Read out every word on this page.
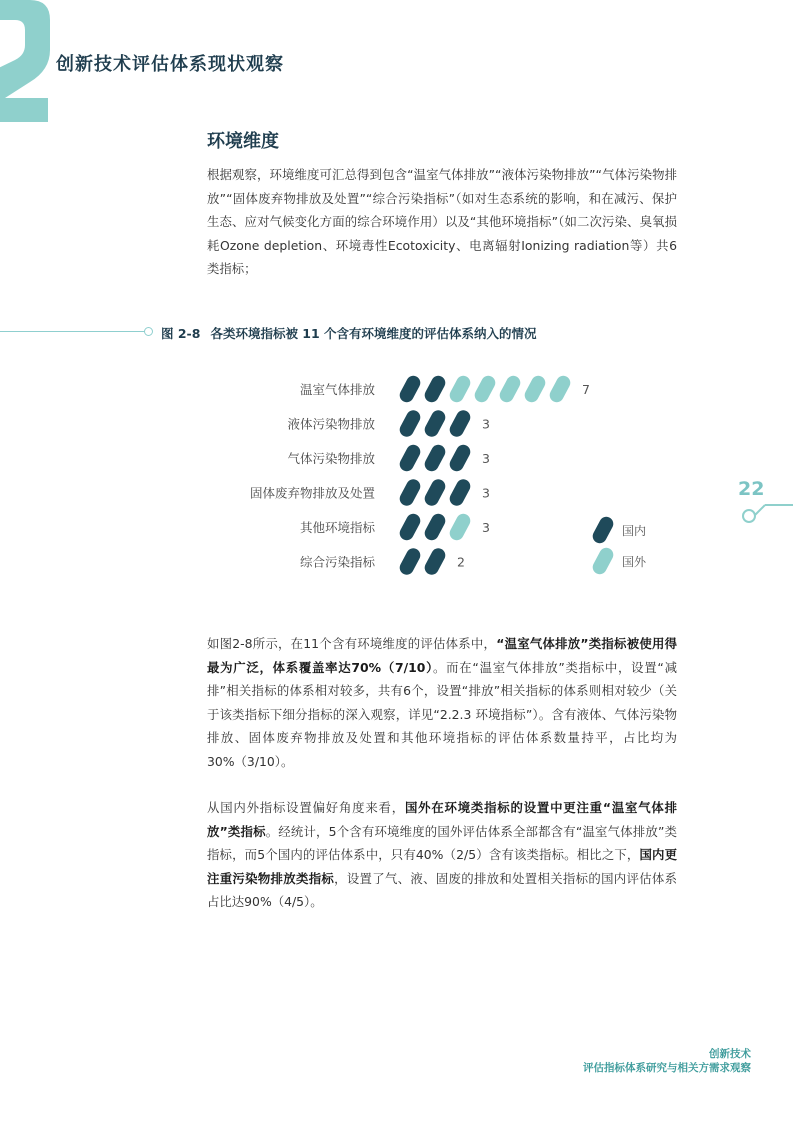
创新技术评估体系现状观察
环境维度

根据观察，环境维度可汇总得到包含“温室气体排放”“液体污染物排放”“气体污染物排放”“固体废弃物排放及处置”“综合污染指标”（如对生态系统的影响，和在减污、保护生态、应对气候变化方面的综合环境作用）以及“其他环境指标”（如二次污染、臭氧损耗Ozone depletion、环境毒性Ecotoxicity、电离辐射Ionizing radiation等）共6类指标；

图 2-8 各类环境指标被 11 个含有环境维度的评估体系纳入的情况
温室气体排放	7
液体污染物排放	3
气体污染物排放	3
固体废弃物排放及处置	3
其他环境指标	3
综合污染指标	2
国内
国外
22

如图2-8所示，在11个含有环境维度的评估体系中，“温室气体排放”类指标被使用得最为广泛，体系覆盖率达70%（7/10）。而在“温室气体排放”类指标中，设置“减排”相关指标的体系相对较多，共有6个，设置“排放”相关指标的体系则相对较少（关于该类指标下细分指标的深入观察，详见“2.2.3 环境指标”）。含有液体、气体污染物排放、固体废弃物排放及处置和其他环境指标的评估体系数量持平，占比均为30%（3/10）。

从国内外指标设置偏好角度来看，国外在环境类指标的设置中更注重“温室气体排放”类指标。经统计，5个含有环境维度的国外评估体系全部都含有“温室气体排放”类指标，而5个国内的评估体系中，只有40%（2/5）含有该类指标。相比之下，国内更注重污染物排放类指标，设置了气、液、固废的排放和处置相关指标的国内评估体系占比达90%（4/5）。

创新技术
评估指标体系研究与相关方需求观察
